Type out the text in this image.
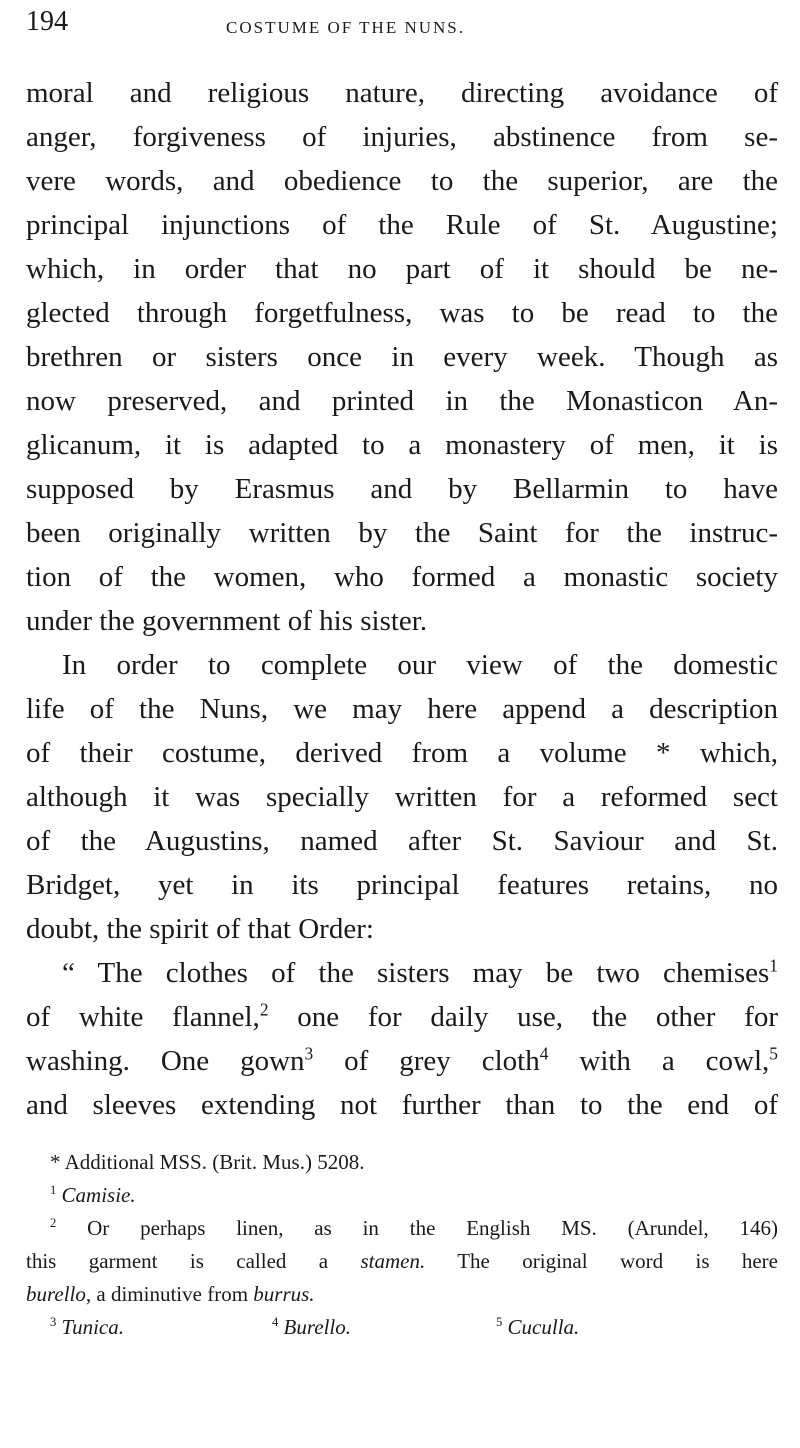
194	COSTUME OF THE NUNS.
moral and religious nature, directing avoidance of
anger, forgiveness of injuries, abstinence from se-
vere words, and obedience to the superior, are the
principal injunctions of the Rule of St. Augustine;
which, in order that no part of it should be ne-
glected through forgetfulness, was to be read to the
brethren or sisters once in every week. Though as
now preserved, and printed in the Monasticon An-
glicanum, it is adapted to a monastery of men, it is
supposed by Erasmus and by Bellarmin to have
been originally written by the Saint for the instruc-
tion of the women, who formed a monastic society
under the government of his sister.
In order to complete our view of the domestic
life of the Nuns, we may here append a description
of their costume, derived from a volume * which,
although it was specially written for a reformed sect
of the Augustins, named after St. Saviour and St.
Bridget, yet in its principal features retains, no
doubt, the spirit of that Order:
“ The clothes of the sisters may be two chemises$^1$
of white flannel,$^2$ one for daily use, the other for
washing. One gown$^3$ of grey cloth$^4$ with a cowl,$^5$
and sleeves extending not further than to the end of
* Additional MSS. (Brit. Mus.) 5208.
$^1$ Camisie.
$^2$ Or perhaps linen, as in the English MS. (Arundel, 146)
this garment is called a stamen. The original word is here
burello, a diminutive from burrus.
$^3$ Tunica.	$^4$ Burello.	$^5$ Cuculla.
